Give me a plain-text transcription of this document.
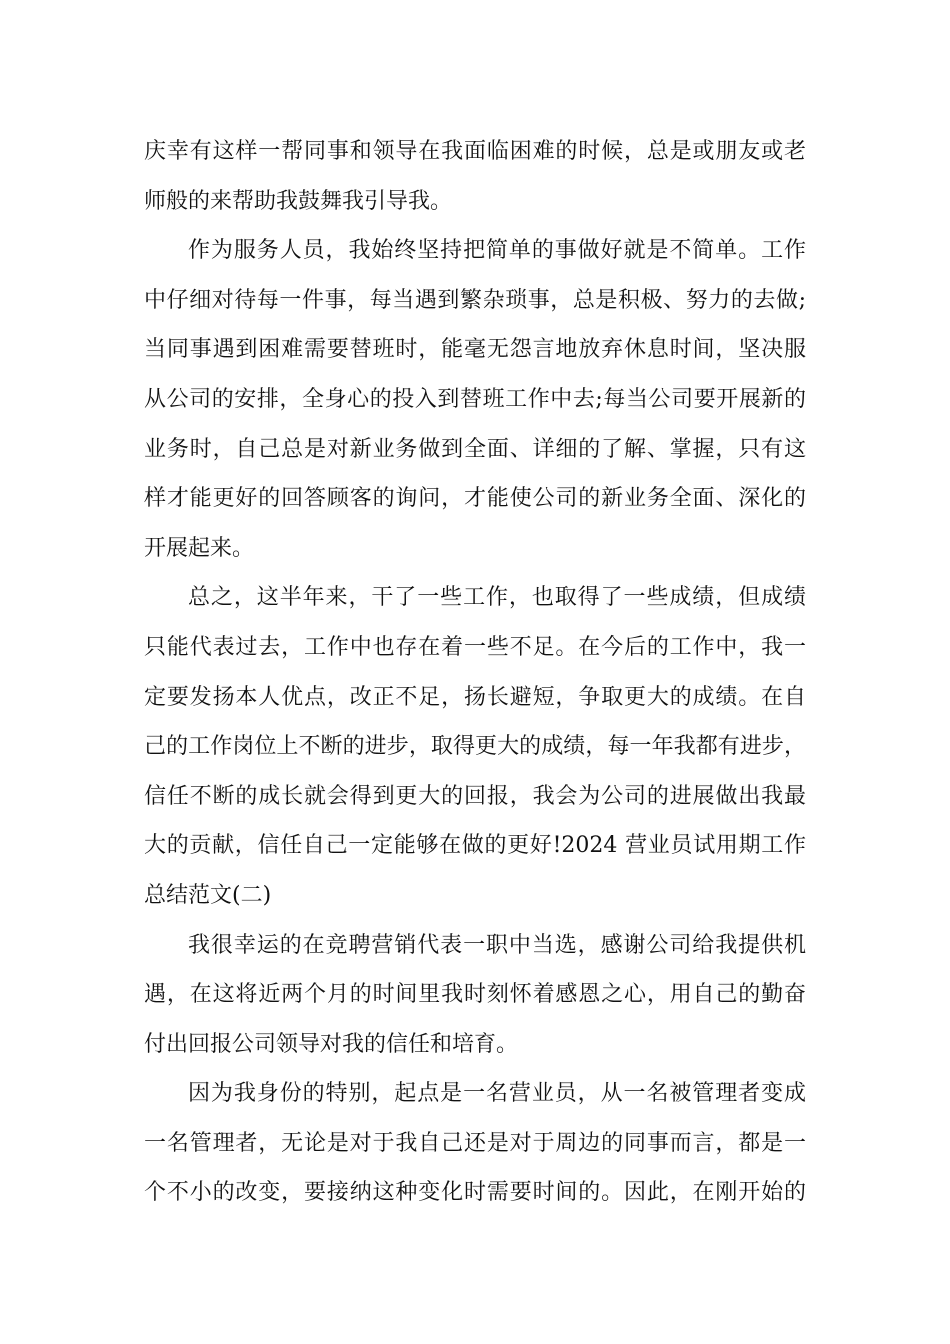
庆幸有这样一帮同事和领导在我面临困难的时候，总是或朋友或老
师般的来帮助我鼓舞我引导我。
作为服务人员，我始终坚持把简单的事做好就是不简单。工作
中仔细对待每一件事，每当遇到繁杂琐事，总是积极、努力的去做;
当同事遇到困难需要替班时，能毫无怨言地放弃休息时间，坚决服
从公司的安排，全身心的投入到替班工作中去;每当公司要开展新的
业务时，自己总是对新业务做到全面、详细的了解、掌握，只有这
样才能更好的回答顾客的询问，才能使公司的新业务全面、深化的
开展起来。
总之，这半年来，干了一些工作，也取得了一些成绩，但成绩
只能代表过去，工作中也存在着一些不足。在今后的工作中，我一
定要发扬本人优点，改正不足，扬长避短，争取更大的成绩。在自
己的工作岗位上不断的进步，取得更大的成绩，每一年我都有进步，
信任不断的成长就会得到更大的回报，我会为公司的进展做出我最
大的贡献，信任自己一定能够在做的更好!2024 营业员试用期工作
总结范文(二)
我很幸运的在竞聘营销代表一职中当选，感谢公司给我提供机
遇，在这将近两个月的时间里我时刻怀着感恩之心，用自己的勤奋
付出回报公司领导对我的信任和培育。
因为我身份的特别，起点是一名营业员，从一名被管理者变成
一名管理者，无论是对于我自己还是对于周边的同事而言，都是一
个不小的改变，要接纳这种变化时需要时间的。因此，在刚开始的
